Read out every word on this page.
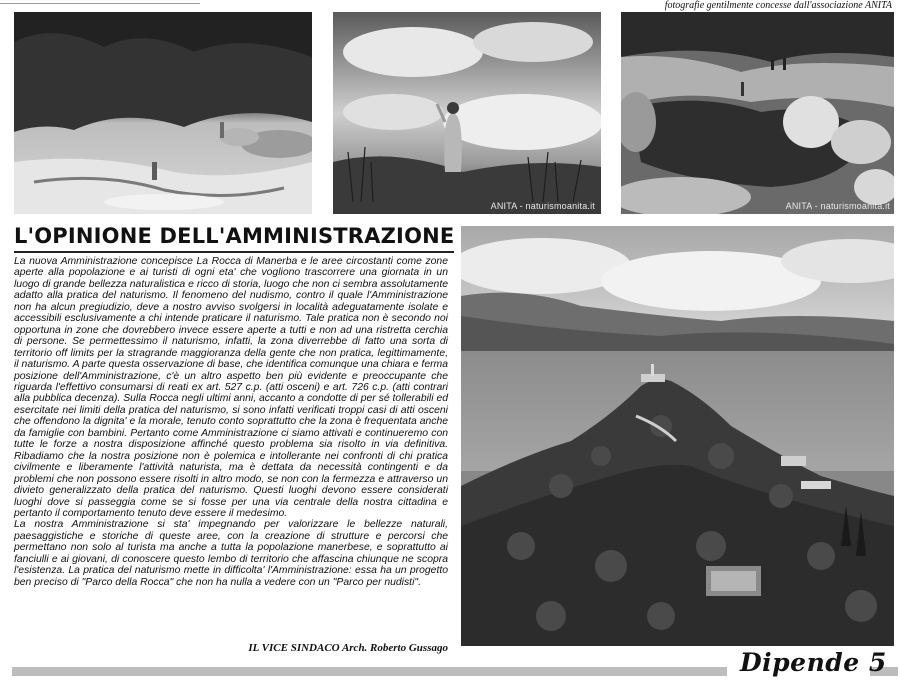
fotografie gentilmente concesse dall'associazione ANITA
ANITA - naturismoanita.it	ANITA - naturismoanita.it
L'OPINIONE DELL'AMMINISTRAZIONE

La nuova Amministrazione concepisce La Rocca di Manerba e le aree circostanti come zone aperte alla popolazione e ai turisti di ogni eta' che vogliono trascorrere una giornata in un luogo di grande bellezza naturalistica e ricco di storia, luogo che non ci sembra assolutamente adatto alla pratica del naturismo. Il fenomeno del nudismo, contro il quale l'Amministrazione non ha alcun pregiudizio, deve a nostro avviso svolgersi in località adeguatamente isolate e accessibili esclusivamente a chi intende praticare il naturismo. Tale pratica non è secondo noi opportuna in zone che dovrebbero invece essere aperte a tutti e non ad una ristretta cerchia di persone. Se permettessimo il naturismo, infatti, la zona diverrebbe di fatto una sorta di territorio off limits per la stragrande maggioranza della gente che non pratica, legittimamente, il naturismo. A parte questa osservazione di base, che identifica comunque una chiara e ferma posizione dell'Amministrazione, c'è un altro aspetto ben più evidente e preoccupante che riguarda l'effettivo consumarsi di reati ex art. 527 c.p. (atti osceni) e art. 726 c.p. (atti contrari alla pubblica decenza). Sulla Rocca negli ultimi anni, accanto a condotte di per sé tollerabili ed esercitate nei limiti della pratica del naturismo, si sono infatti verificati troppi casi di atti osceni che offendono la dignita' e la morale, tenuto conto soprattutto che la zona è frequentata anche da famiglie con bambini. Pertanto come Amministrazione ci siamo attivati e continueremo con tutte le forze a nostra disposizione affinché questo problema sia risolto in via definitiva. Ribadiamo che la nostra posizione non è polemica e intollerante nei confronti di chi pratica civilmente e liberamente l'attività naturista, ma è dettata da necessità contingenti e da problemi che non possono essere risolti in altro modo, se non con la fermezza e attraverso un divieto generalizzato della pratica del naturismo. Questi luoghi devono essere considerati luoghi dove si passeggia come se si fosse per una via centrale della nostra cittadina e pertanto il comportamento tenuto deve essere il medesimo.

La nostra Amministrazione si sta' impegnando per valorizzare le bellezze naturali, paesaggistiche e storiche di queste aree, con la creazione di strutture e percorsi che permettano non solo al turista ma anche a tutta la popolazione manerbese, e soprattutto ai fanciulli e ai giovani, di conoscere questo lembo di territorio che affascina chiunque ne scopra l'esistenza. La pratica del naturismo mette in difficolta' l'Amministrazione: essa ha un progetto ben preciso di "Parco della Rocca" che non ha nulla a vedere con un "Parco per nudisti".

IL VICE SINDACO Arch. Roberto Gussago	Dipende 5
